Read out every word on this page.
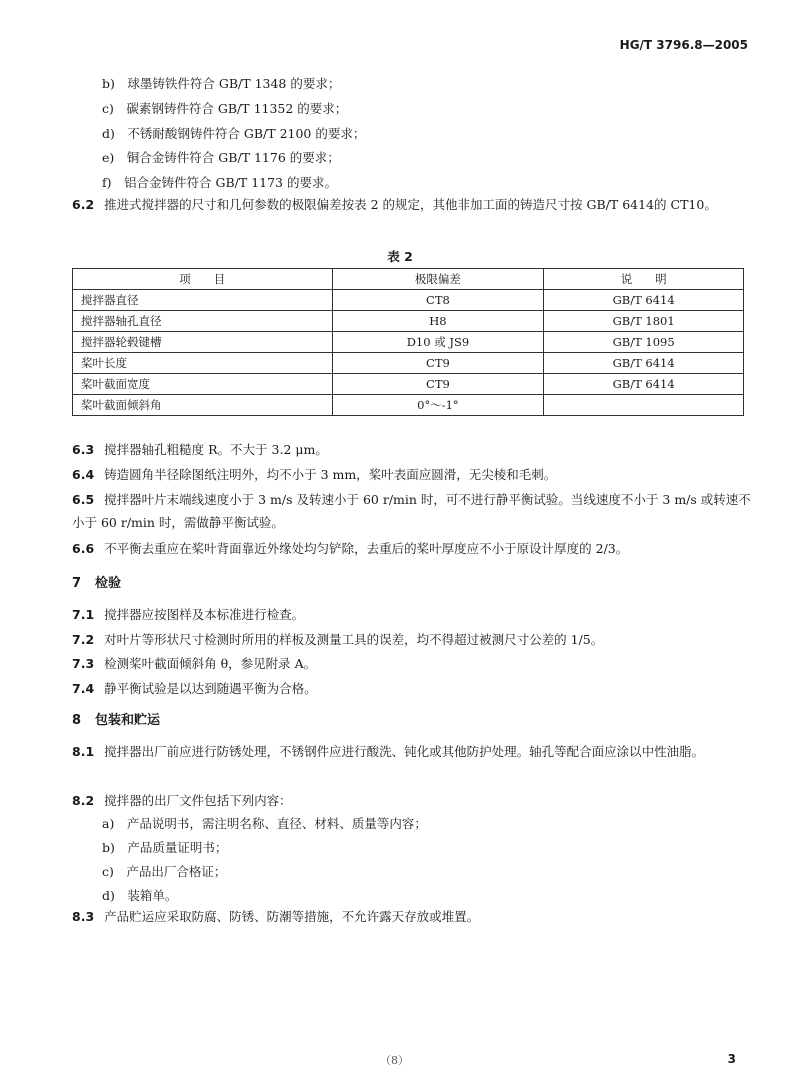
HG/T 3796.8—2005
b)　 球墨铸铁件符合 GB/T 1348 的要求；
c)　 碳素钢铸件符合 GB/T 11352 的要求；
d)　 不锈耐酸钢铸件符合 GB/T 2100 的要求；
e)　 铜合金铸件符合 GB/T 1176 的要求；
f)　 铝合金铸件符合 GB/T 1173 的要求。
6.2 推进式搅拌器的尺寸和几何参数的极限偏差按表 2 的规定，其他非加工面的铸造尺寸按 GB/T 6414的 CT10。
表 2
项　　目	极限偏差	说　　明
搅拌器直径	CT8	GB/T 6414
搅拌器轴孔直径	H8	GB/T 1801
搅拌器轮毂键槽	D10 或 JS9	GB/T 1095
桨叶长度	CT9	GB/T 6414
桨叶截面宽度	CT9	GB/T 6414
桨叶截面倾斜角	0°～-1°	
6.3 搅拌器轴孔粗糙度 R。不大于 3.2 μm。
6.4 铸造圆角半径除图纸注明外，均不小于 3 mm，桨叶表面应圆滑，无尖棱和毛刺。
6.5 搅拌器叶片末端线速度小于 3 m/s 及转速小于 60 r/min 时，可不进行静平衡试验。当线速度不小于 3 m/s 或转速不小于 60 r/min 时，需做静平衡试验。
6.6 不平衡去重应在桨叶背面靠近外缘处均匀铲除，去重后的桨叶厚度应不小于原设计厚度的 2/3。
7 检验
7.1 搅拌器应按图样及本标准进行检查。
7.2 对叶片等形状尺寸检测时所用的样板及测量工具的误差，均不得超过被测尺寸公差的 1/5。
7.3 检测桨叶截面倾斜角 θ，参见附录 A。
7.4 静平衡试验是以达到随遇平衡为合格。
8 包装和贮运
8.1 搅拌器出厂前应进行防锈处理，不锈钢件应进行酸洗、钝化或其他防护处理。轴孔等配合面应涂以中性油脂。
8.2 搅拌器的出厂文件包括下列内容：
a)　 产品说明书，需注明名称、直径、材料、质量等内容；
b)　 产品质量证明书；
c)　 产品出厂合格证；
d)　 装箱单。
8.3 产品贮运应采取防腐、防锈、防潮等措施，不允许露天存放或堆置。
（8）	3
